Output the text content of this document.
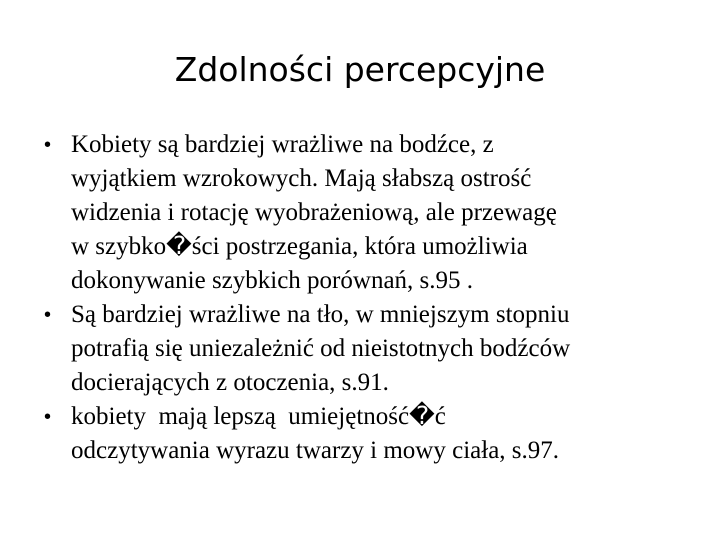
Zdolności percepcyjne
• Kobiety są bardziej wrażliwe na bodźce, z
wyjątkiem wzrokowych. Mają słabszą ostrość
widzenia i rotację wyobrażeniową, ale przewagę
w szybko�ści postrzegania, która umożliwia
dokonywanie szybkich porównań, s.95 .
• Są bardziej wrażliwe na tło, w mniejszym stopniu
potrafią się uniezależnić od nieistotnych bodźców
docierających z otoczenia, s.91.
• kobiety  mają lepszą  umiejętność�ć
odczytywania wyrazu twarzy i mowy ciała, s.97.
